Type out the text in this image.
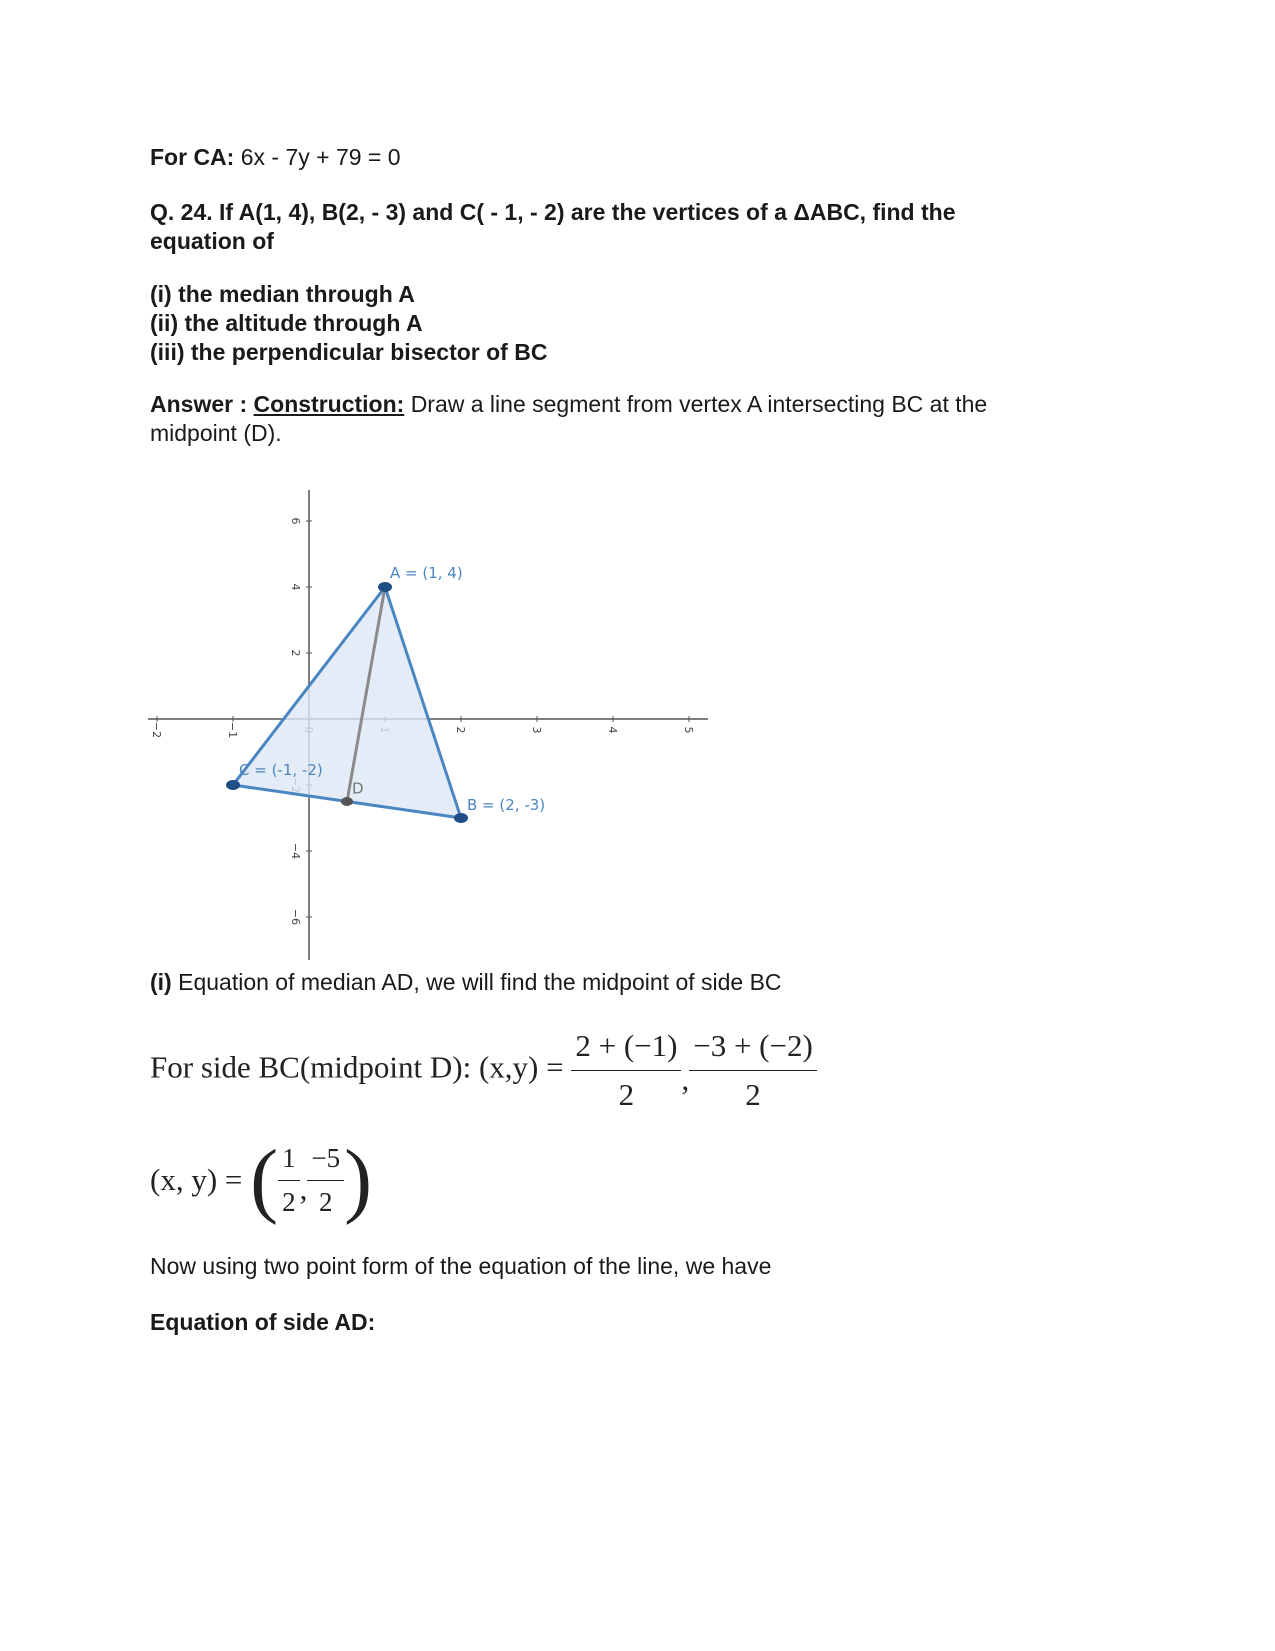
For CA: 6x - 7y + 79 = 0
Q. 24. If A(1, 4), B(2, - 3) and C( - 1, - 2) are the vertices of a ΔABC, find the equation of
(i) the median through A
(ii) the altitude through A
(iii) the perpendicular bisector of BC
Answer : Construction: Draw a line segment from vertex A intersecting BC at the midpoint (D).
−2	−1	2	3	4	5
−6
−4
2
4
6
A = (1, 4)
B = (2, -3)
C = (-1, -2)
D
(i) Equation of median AD, we will find the midpoint of side BC
For side BC(midpoint D): $(x,y) = \frac{2 + (-1)}{2}$ , $\frac{-3 + (-2)}{2}$
(x, y) = ( $\frac{1}{2}$ , $\frac{-5}{2}$ )
Now using two point form of the equation of the line, we have
Equation of side AD:
